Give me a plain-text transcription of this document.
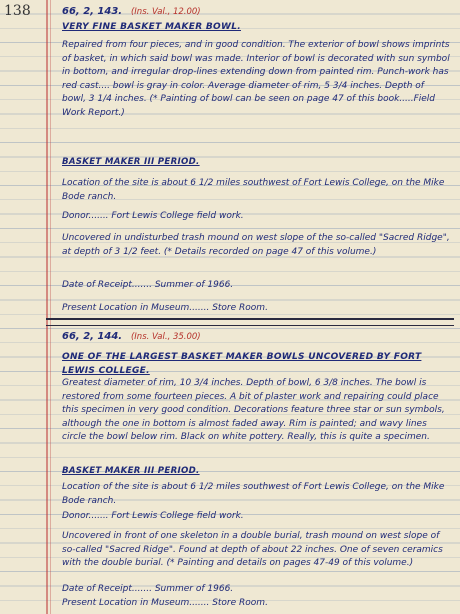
138	66, 2, 143. (Ins. Val., 12.00)

VERY FINE BASKET MAKER BOWL.

Repaired from four pieces, and in good condition. The exterior of bowl shows imprints of basket, in which said bowl was made. Interior of bowl is decorated with sun symbol in bottom, and irregular drop-lines extending down from painted rim. Punch-work has red cast.... bowl is gray in color. Average diameter of rim, 5 3/4 inches. Depth of bowl, 3 1/4 inches. (* Painting of bowl can be seen on page 47 of this book.....Field Work Report.)

BASKET MAKER III PERIOD.

Location of the site is about 6 1/2 miles southwest of Fort Lewis College, on the Mike Bode ranch.

Donor....... Fort Lewis College field work.

Uncovered in undisturbed trash mound on west slope of the so-called "Sacred Ridge", at depth of 3 1/2 feet. (* Details recorded on page 47 of this volume.)

Date of Receipt....... Summer of 1966.

Present Location in Museum....... Store Room.

66, 2, 144. (Ins. Val., 35.00)

ONE OF THE LARGEST BASKET MAKER BOWLS UNCOVERED BY FORT LEWIS COLLEGE.

Greatest diameter of rim, 10 3/4 inches. Depth of bowl, 6 3/8 inches. The bowl is restored from some fourteen pieces. A bit of plaster work and repairing could place this specimen in very good condition. Decorations feature three star or sun symbols, although the one in bottom is almost faded away. Rim is painted; and wavy lines circle the bowl below rim. Black on white pottery. Really, this is quite a specimen.

BASKET MAKER III PERIOD.

Location of the site is about 6 1/2 miles southwest of Fort Lewis College, on the Mike Bode ranch.

Donor....... Fort Lewis College field work.

Uncovered in front of one skeleton in a double burial, trash mound on west slope of so-called "Sacred Ridge". Found at depth of about 22 inches. One of seven ceramics with the double burial. (* Painting and details on pages 47-49 of this volume.)

Date of Receipt....... Summer of 1966.

Present Location in Museum....... Store Room.
